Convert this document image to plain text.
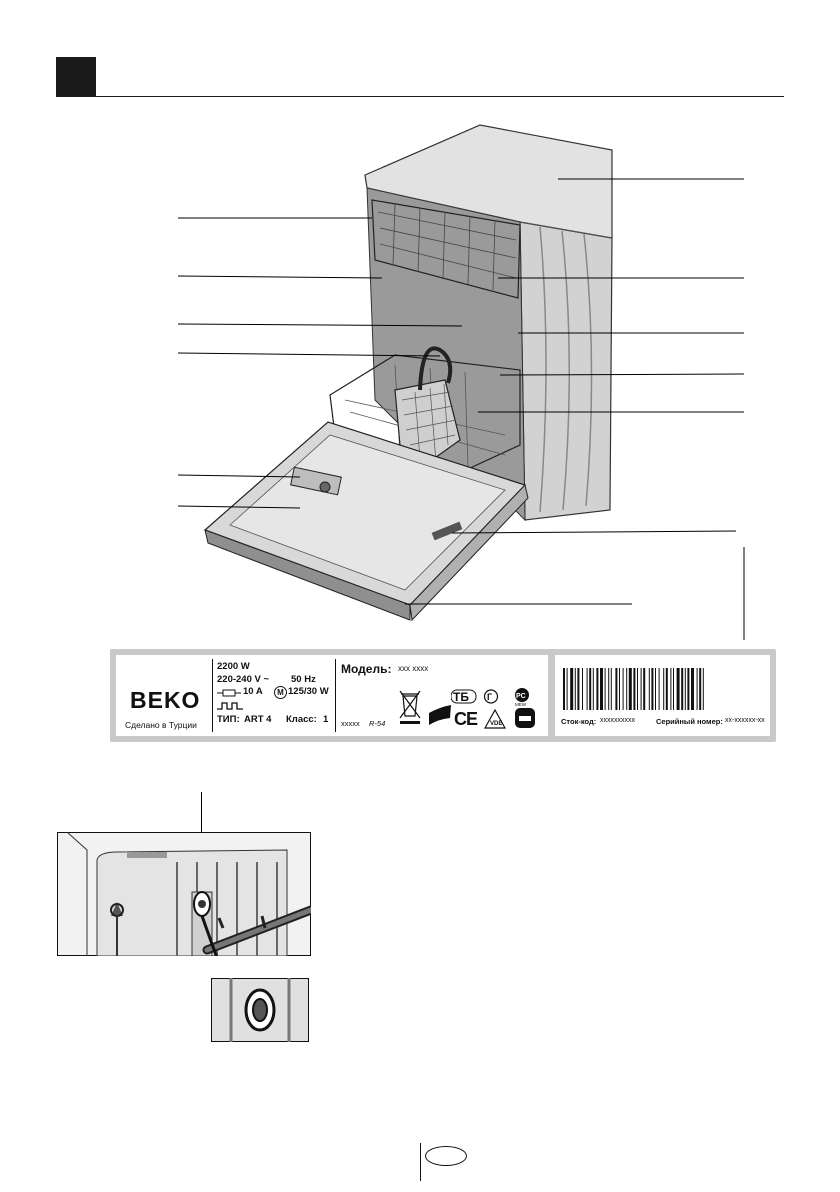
BEKO
Сделано в Турции
2200 W
220-240 V ~ 50 Hz
10 A	M 125/30 W
ТИП: ART 4 Класс: 1
Модель: xxx xxxx
xxxxx R-54
ТБ Г	PC
MEW
CE VDE	Сток-код: xxxxxxxxxx	Серийный номер: xx-xxxxxx-xx
